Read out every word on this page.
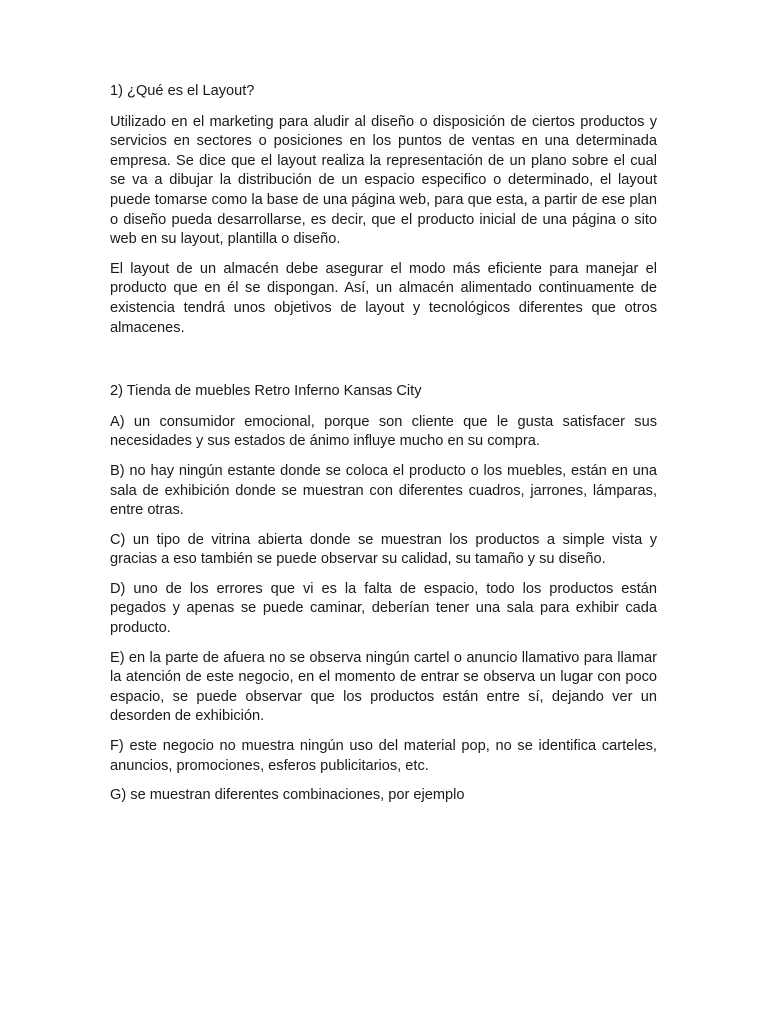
1) ¿Qué es el Layout?

Utilizado en el marketing para aludir al diseño o disposición de ciertos productos y servicios en sectores o posiciones en los puntos de ventas en una determinada empresa. Se dice que el layout realiza la representación de un plano sobre el cual se va a dibujar la distribución de un espacio especifico o determinado, el layout puede tomarse como la base de una página web, para que esta, a partir de ese plan o diseño pueda desarrollarse, es decir, que el producto inicial de una página o sito web en su layout, plantilla o diseño.

El layout de un almacén debe asegurar el modo más eficiente para manejar el producto que en él se dispongan. Así, un almacén alimentado continuamente de existencia tendrá unos objetivos de layout y tecnológicos diferentes que otros almacenes.

2) Tienda de muebles Retro Inferno Kansas City

A) un consumidor emocional, porque son cliente que le gusta satisfacer sus necesidades y sus estados de ánimo influye mucho en su compra.

B) no hay ningún estante donde se coloca el producto o los muebles, están en una sala de exhibición donde se muestran con diferentes cuadros, jarrones, lámparas, entre otras.

C) un tipo de vitrina abierta donde se muestran los productos a simple vista y gracias a eso también se puede observar su calidad, su tamaño y su diseño.

D) uno de los errores que vi es la falta de espacio, todo los productos están pegados y apenas se puede caminar, deberían tener una sala para exhibir cada producto.

E) en la parte de afuera no se observa ningún cartel o anuncio llamativo para llamar la atención de este negocio, en el momento de entrar se observa un lugar con poco espacio, se puede observar que los productos están entre sí, dejando ver un desorden de exhibición.

F) este negocio no muestra ningún uso del material pop, no se identifica carteles, anuncios, promociones, esferos publicitarios, etc.

G) se muestran diferentes combinaciones, por ejemplo
